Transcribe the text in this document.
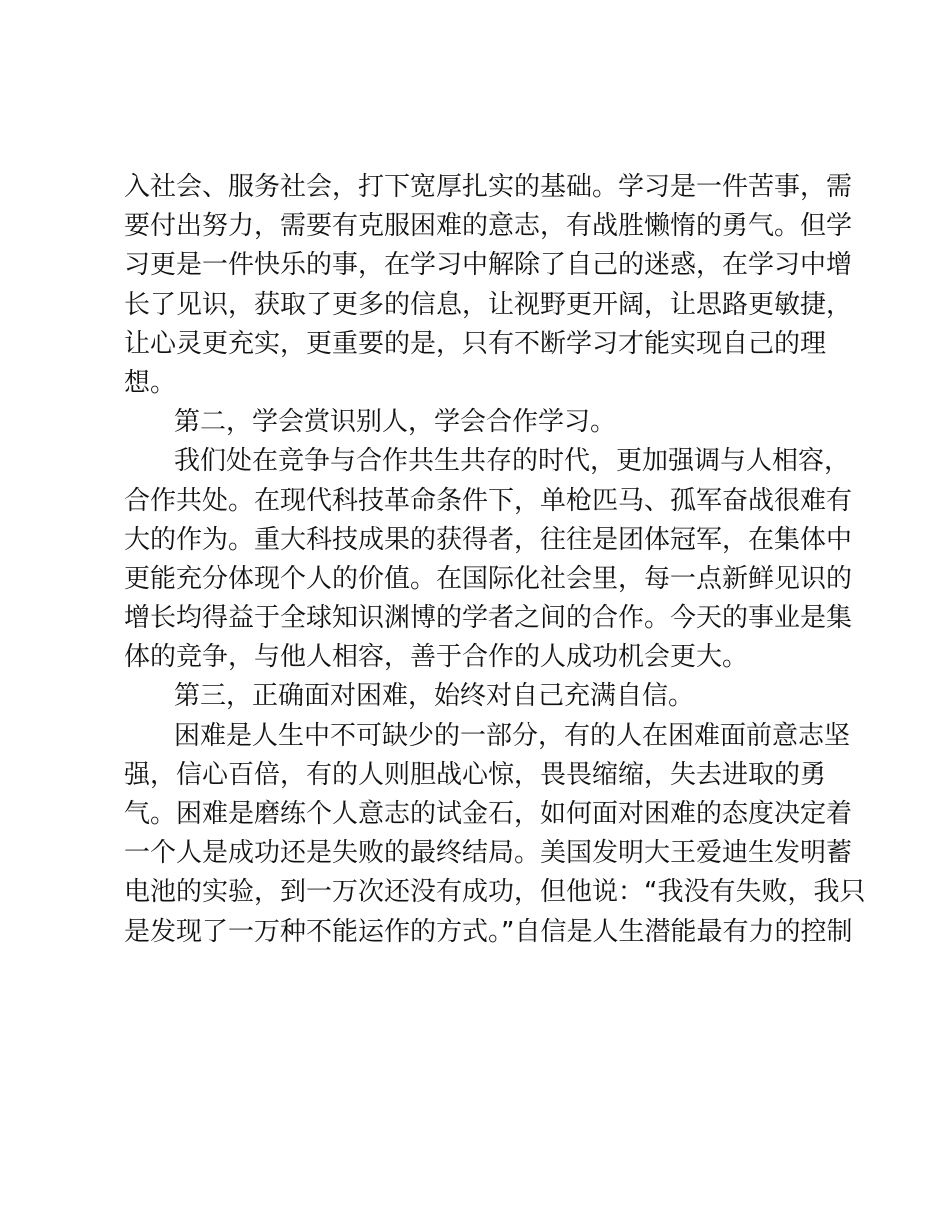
入社会、服务社会，打下宽厚扎实的基础。学习是一件苦事，需
要付出努力，需要有克服困难的意志，有战胜懒惰的勇气。但学
习更是一件快乐的事，在学习中解除了自己的迷惑，在学习中增
长了见识，获取了更多的信息，让视野更开阔，让思路更敏捷，
让心灵更充实，更重要的是，只有不断学习才能实现自己的理
想。
第二，学会赏识别人，学会合作学习。
我们处在竞争与合作共生共存的时代，更加强调与人相容，
合作共处。在现代科技革命条件下，单枪匹马、孤军奋战很难有
大的作为。重大科技成果的获得者，往往是团体冠军，在集体中
更能充分体现个人的价值。在国际化社会里，每一点新鲜见识的
增长均得益于全球知识渊博的学者之间的合作。今天的事业是集
体的竞争，与他人相容，善于合作的人成功机会更大。
第三，正确面对困难，始终对自己充满自信。
困难是人生中不可缺少的一部分，有的人在困难面前意志坚
强，信心百倍，有的人则胆战心惊，畏畏缩缩，失去进取的勇
气。困难是磨练个人意志的试金石，如何面对困难的态度决定着
一个人是成功还是失败的最终结局。美国发明大王爱迪生发明蓄
电池的实验，到一万次还没有成功，但他说：“我没有失败，我只
是发现了一万种不能运作的方式。”自信是人生潜能最有力的控制
